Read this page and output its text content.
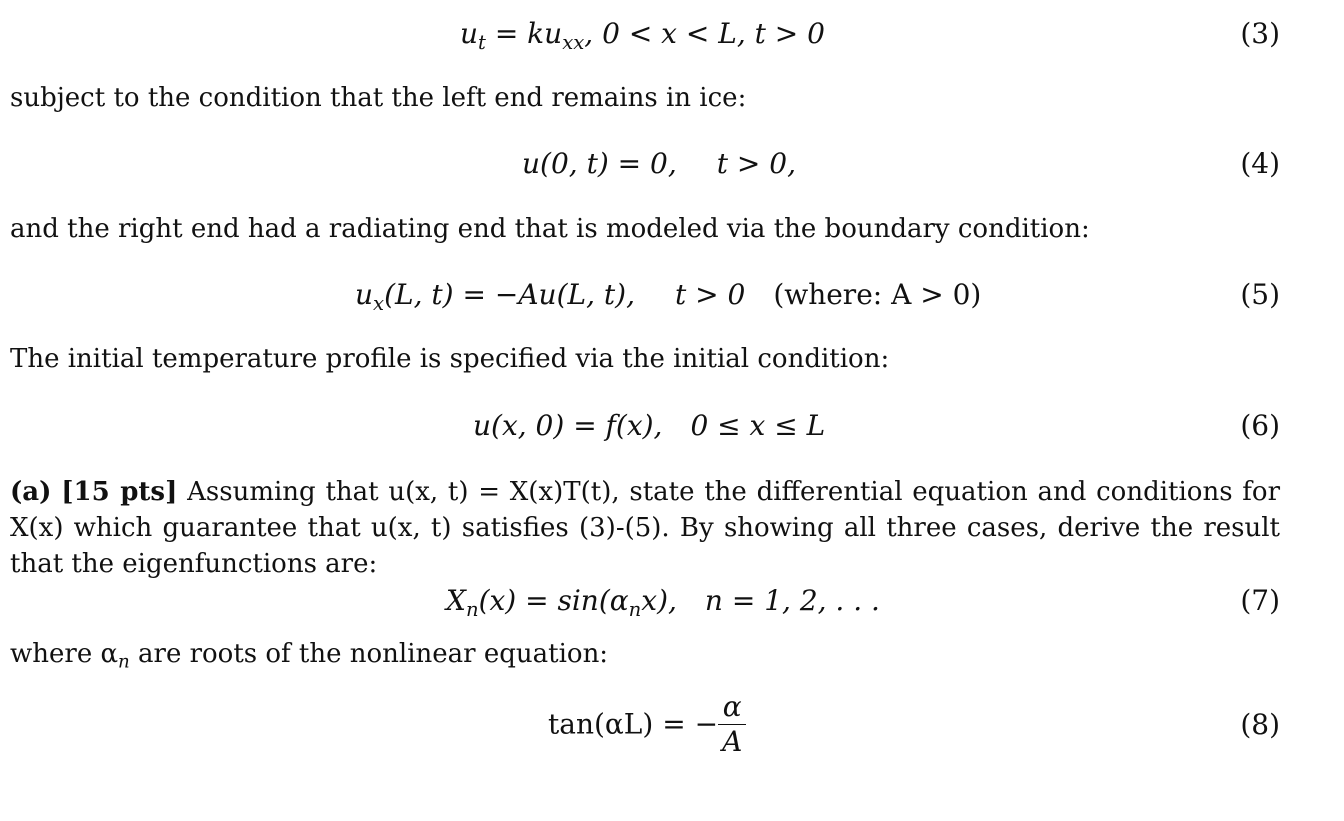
$u_t = ku_{xx}$, 0 < x < L, t > 0	(3)
subject to the condition that the left end remains in ice:
u(0, t) = 0, t > 0,	(4)
and the right end had a radiating end that is modeled via the boundary condition:
$u_x(L$, t) = −Au(L, t), t > 0 (where: A > 0)	(5)
The initial temperature profile is specified via the initial condition:
u(x, 0) = f(x), 0 ≤ x ≤ L	(6)
(a) [15 pts] Assuming that u(x, t) = X(x)T(t), state the differential equation and conditions for X(x) which guarantee that u(x, t) satisfies (3)-(5). By showing all three cases, derive the result that the eigenfunctions are:
$X_n(x) = \sin(\alpha_nx)$, n = 1, 2, . . .	(7)
where $\alpha_n$ are roots of the nonlinear equation:
tan(αL) = − $\frac{\alpha}{A}$	(8)
